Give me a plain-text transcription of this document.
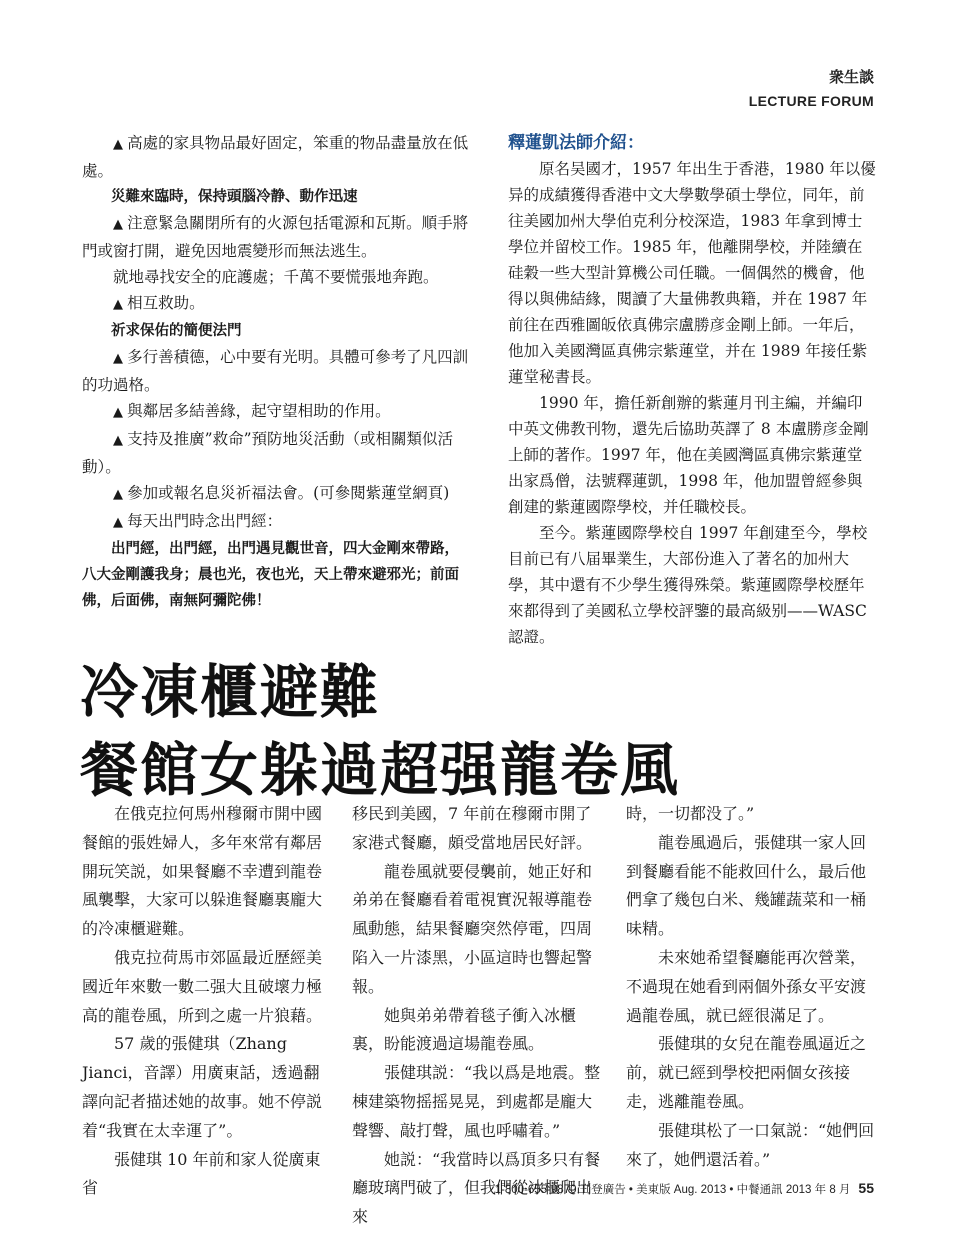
衆生談
LECTURE FORUM

▲ 高處的家具物品最好固定，笨重的物品盡量放在低處。

災難來臨時，保持頭腦冷静、動作迅速

▲ 注意緊急關閉所有的火源包括電源和瓦斯。順手將門或窗打開，避免因地震變形而無法逃生。

就地尋找安全的庇護處；千萬不要慌張地奔跑。

▲ 相互救助。

祈求保佑的簡便法門

▲ 多行善積德，心中要有光明。具體可參考了凡四訓的功過格。

▲ 與鄰居多結善緣，起守望相助的作用。

▲ 支持及推廣”救命”預防地災活動（或相關類似活動）。

▲ 參加或報名息災祈福法會。(可參閱紫蓮堂網頁)

▲ 每天出門時念出門經：

出門經，出門經，出門遇見觀世音，四大金剛來帶路，

八大金剛護我身；晨也光，夜也光，天上帶來避邪光；前面佛，后面佛，南無阿彌陀佛！

釋蓮凱法師介紹：

原名吴國才，1957 年出生于香港，1980 年以優异的成績獲得香港中文大學數學碩士學位，同年，前往美國加州大學伯克利分校深造，1983 年拿到博士學位并留校工作。1985 年，他離開學校，并陸續在硅穀一些大型計算機公司任職。一個偶然的機會，他得以與佛結緣，閱讀了大量佛教典籍，并在 1987 年前往在西雅圖皈依真佛宗盧勝彦金剛上師。一年后，他加入美國灣區真佛宗紫蓮堂，并在 1989 年接任紫蓮堂秘書長。

1990 年，擔任新創辦的紫蓮月刊主編，并編印中英文佛教刊物，還先后協助英譯了 8 本盧勝彦金剛上師的著作。1997 年，他在美國灣區真佛宗紫蓮堂出家爲僧，法號釋蓮凱，1998 年，他加盟曾經參與創建的紫蓮國際學校，并任職校長。

至今。紫蓮國際學校自 1997 年創建至今，學校目前已有八届畢業生，大部份進入了著名的加州大學，其中還有不少學生獲得殊榮。紫蓮國際學校歷年來都得到了美國私立學校評鑒的最高級别——WASC 認證。

冷凍櫃避難
餐館女躲過超强龍卷風

在俄克拉何馬州穆爾市開中國餐館的張姓婦人，多年來常有鄰居開玩笑説，如果餐廳不幸遭到龍卷風襲擊，大家可以躲進餐廳裏龐大的冷凍櫃避難。

俄克拉荷馬市郊區最近歷經美國近年來數一數二强大且破壞力極高的龍卷風，所到之處一片狼藉。

57 歲的張健琪（Zhang Jianci，音譯）用廣東話，透過翻譯向記者描述她的故事。她不停説着“我實在太幸運了”。

張健琪 10 年前和家人從廣東省

移民到美國，7 年前在穆爾市開了家港式餐廳，頗受當地居民好評。

龍卷風就要侵襲前，她正好和弟弟在餐廳看着電視實況報導龍卷風動態，結果餐廳突然停電，四周陷入一片漆黑，小區這時也響起警報。

她與弟弟帶着毯子衝入冰櫃裏，盼能渡過這場龍卷風。

張健琪説：“我以爲是地震。整棟建築物摇摇晃晃，到處都是龐大聲響、敲打聲，風也呼嘯着。”

她説：“我當時以爲頂多只有餐廳玻璃門破了，但我們從冰櫃爬出來

時，一切都没了。”

龍卷風過后，張健琪一家人回到餐廳看能不能救回什么，最后他們拿了幾包白米、幾罐蔬菜和一桶味精。

未來她希望餐廳能再次營業，不過現在她看到兩個外孫女平安渡過龍卷風，就已經很滿足了。

張健琪的女兒在龍卷風逼近之前，就已經到學校把兩個女孩接走，逃離龍卷風。

張健琪松了一口氣説：“她們回來了，她們還活着。”

1-800-655-9870 刊登廣告 • 美東版 Aug. 2013 • 中餐通訊 2013 年 8 月 55
